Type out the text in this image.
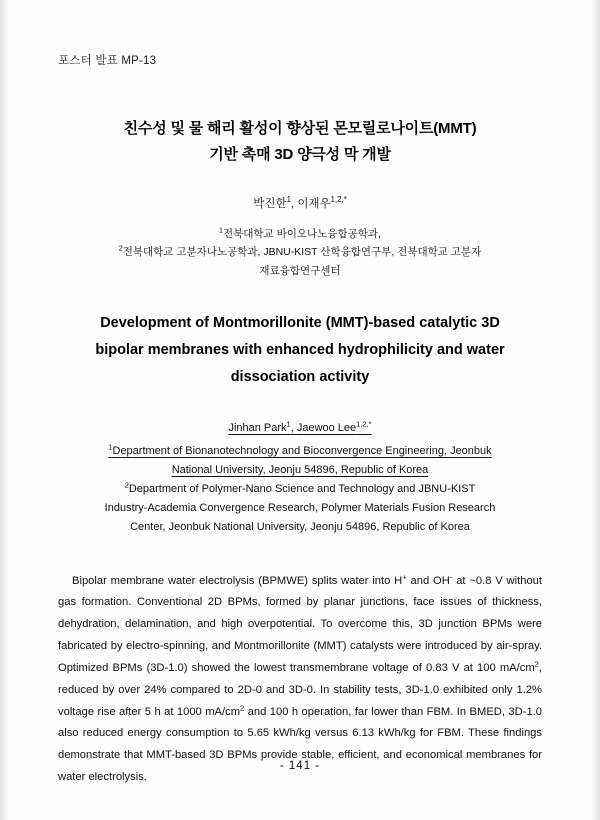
포스터 발표 MP-13
친수성 및 물 해리 활성이 향상된 몬모릴로나이트(MMT)
기반 촉매 3D 양극성 막 개발
박진한$^1$, 이재우$^{1,2,*}$
$^1$전북대학교 바이오나노융합공학과,
$^2$전북대학교 고분자나노공학과, JBNU-KIST 산학융합연구부, 전북대학교 고분자
재료융합연구센터
Development of Montmorillonite (MMT)-based catalytic 3D
bipolar membranes with enhanced hydrophilicity and water
dissociation activity
Jinhan Park$^1$, Jaewoo Lee$^{1,2,*}$
$^1$Department of Bionanotechnology and Bioconvergence Engineering, Jeonbuk
National University, Jeonju 54896, Republic of Korea
$^2$Department of Polymer-Nano Science and Technology and JBNU-KIST
Industry-Academia Convergence Research, Polymer Materials Fusion Research
Center, Jeonbuk National University, Jeonju 54896, Republic of Korea

Bipolar membrane water electrolysis (BPMWE) splits water into H+ and OH- at ~0.8 V without gas formation. Conventional 2D BPMs, formed by planar junctions, face issues of thickness, dehydration, delamination, and high overpotential. To overcome this, 3D junction BPMs were fabricated by electro-spinning, and Montmorillonite (MMT) catalysts were introduced by air-spray. Optimized BPMs (3D-1.0) showed the lowest transmembrane voltage of 0.83 V at 100 $mA/cm^2$, reduced by over 24% compared to 2D-0 and 3D-0. In stability tests, 3D-1.0 exhibited only 1.2% voltage rise after 5 h at 1000 $mA/cm^2$ and 100 h operation, far lower than FBM. In BMED, 3D-1.0 also reduced energy consumption to 5.65 kWh/kg versus 6.13 kWh/kg for FBM. These findings demonstrate that MMT-based 3D BPMs provide stable, efficient, and economical membranes for water electrolysis.

- 141 -
